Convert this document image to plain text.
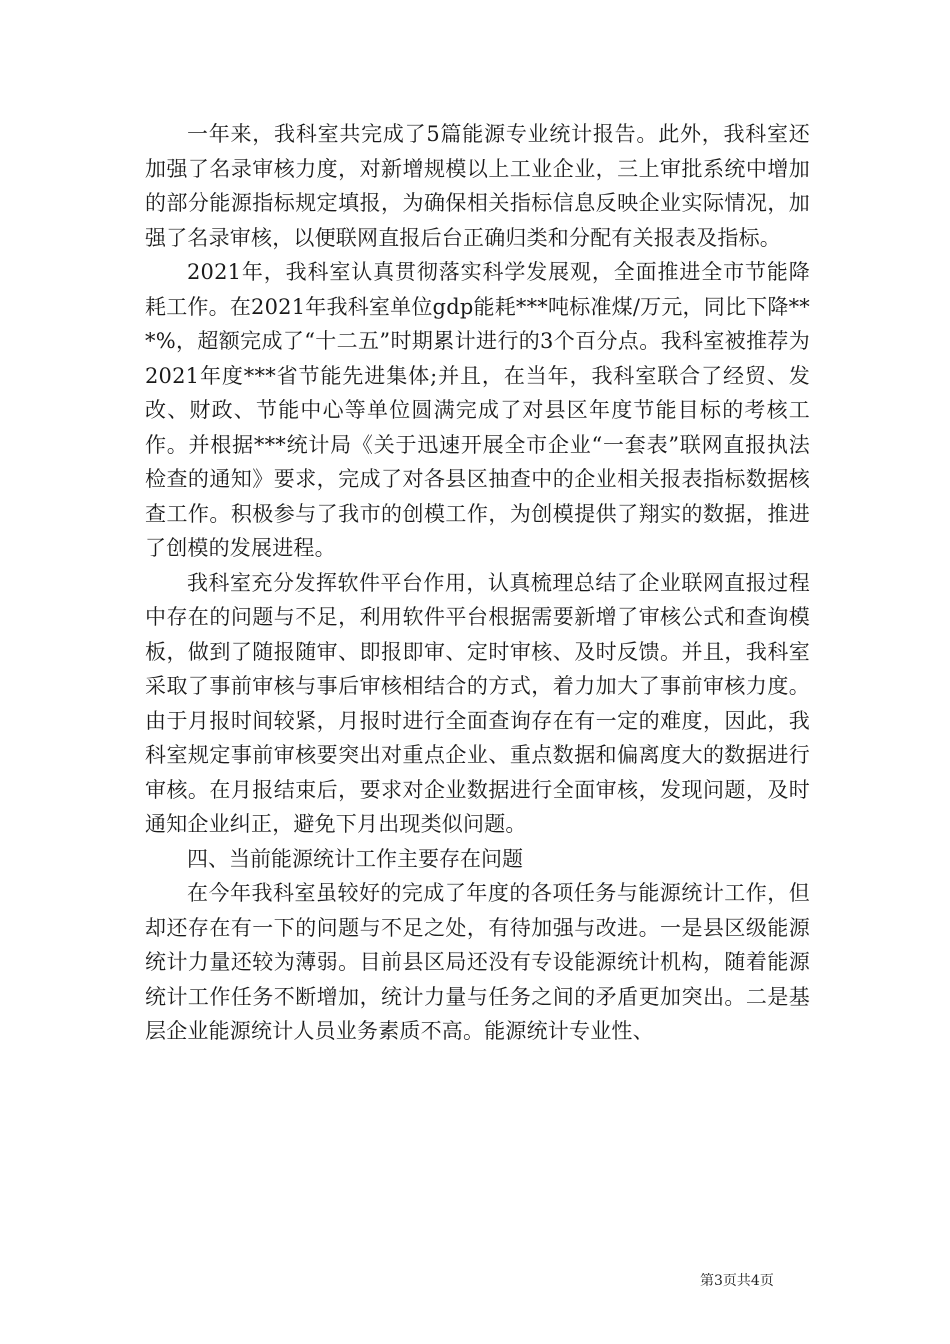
一年来，我科室共完成了5篇能源专业统计报告。此外，我科室还加强了名录审核力度，对新增规模以上工业企业，三上审批系统中增加的部分能源指标规定填报，为确保相关指标信息反映企业实际情况，加强了名录审核，以便联网直报后台正确归类和分配有关报表及指标。

2021年，我科室认真贯彻落实科学发展观，全面推进全市节能降耗工作。在2021年我科室单位gdp能耗***吨标准煤/万元，同比下降***%，超额完成了“十二五”时期累计进行的3个百分点。我科室被推荐为2021年度***省节能先进集体;并且，在当年，我科室联合了经贸、发改、财政、节能中心等单位圆满完成了对县区年度节能目标的考核工作。并根据***统计局《关于迅速开展全市企业“一套表”联网直报执法检查的通知》要求，完成了对各县区抽查中的企业相关报表指标数据核查工作。积极参与了我市的创模工作，为创模提供了翔实的数据，推进了创模的发展进程。

我科室充分发挥软件平台作用，认真梳理总结了企业联网直报过程中存在的问题与不足，利用软件平台根据需要新增了审核公式和查询模板，做到了随报随审、即报即审、定时审核、及时反馈。并且，我科室采取了事前审核与事后审核相结合的方式，着力加大了事前审核力度。由于月报时间较紧，月报时进行全面查询存在有一定的难度，因此，我科室规定事前审核要突出对重点企业、重点数据和偏离度大的数据进行审核。在月报结束后，要求对企业数据进行全面审核，发现问题，及时通知企业纠正，避免下月出现类似问题。

四、当前能源统计工作主要存在问题

在今年我科室虽较好的完成了年度的各项任务与能源统计工作，但却还存在有一下的问题与不足之处，有待加强与改进。一是县区级能源统计力量还较为薄弱。目前县区局还没有专设能源统计机构，随着能源统计工作任务不断增加，统计力量与任务之间的矛盾更加突出。二是基层企业能源统计人员业务素质不高。能源统计专业性、

第3页共4页
